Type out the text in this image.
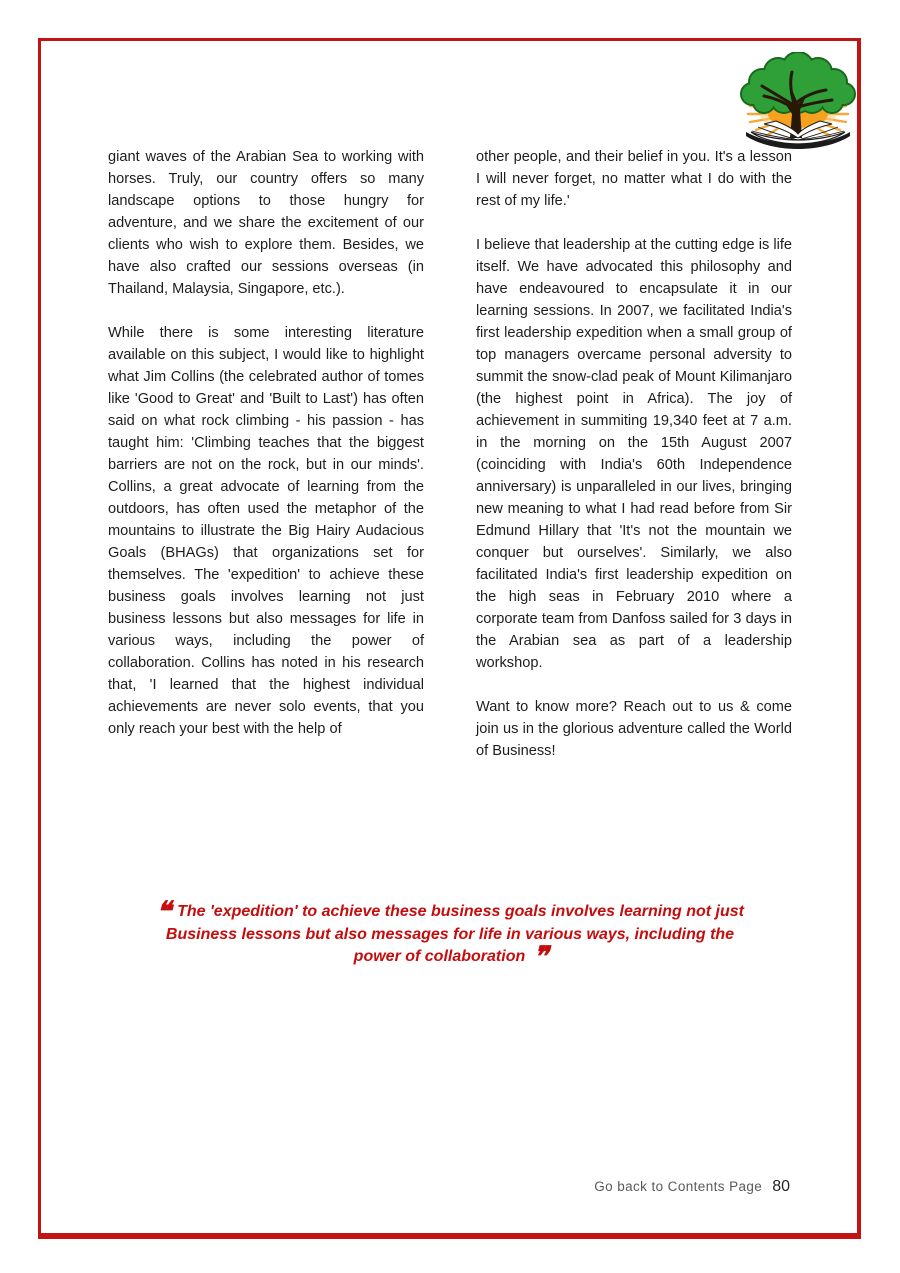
giant waves of the Arabian Sea to working with horses. Truly, our country offers so many landscape options to those hungry for adventure, and we share the excitement of our clients who wish to explore them. Besides, we have also crafted our sessions overseas (in Thailand, Malaysia, Singapore, etc.).

While there is some interesting literature available on this subject, I would like to highlight what Jim Collins (the celebrated author of tomes like 'Good to Great' and 'Built to Last') has often said on what rock climbing - his passion - has taught him: 'Climbing teaches that the biggest barriers are not on the rock, but in our minds'. Collins, a great advocate of learning from the outdoors, has often used the metaphor of the mountains to illustrate the Big Hairy Audacious Goals (BHAGs) that organizations set for themselves. The 'expedition' to achieve these business goals involves learning not just business lessons but also messages for life in various ways, including the power of collaboration. Collins has noted in his research that, 'I learned that the highest individual achievements are never solo events, that you only reach your best with the help of

other people, and their belief in you. It's a lesson I will never forget, no matter what I do with the rest of my life.'

I believe that leadership at the cutting edge is life itself. We have advocated this philosophy and have endeavoured to encapsulate it in our learning sessions. In 2007, we facilitated India's first leadership expedition when a small group of top managers overcame personal adversity to summit the snow-clad peak of Mount Kilimanjaro (the highest point in Africa). The joy of achievement in summiting 19,340 feet at 7 a.m. in the morning on the 15th August 2007 (coinciding with India's 60th Independence anniversary) is unparalleled in our lives, bringing new meaning to what I had read before from Sir Edmund Hillary that 'It's not the mountain we conquer but ourselves'. Similarly, we also facilitated India's first leadership expedition on the high seas in February 2010 where a corporate team from Danfoss sailed for 3 days in the Arabian sea as part of a leadership workshop.

Want to know more? Reach out to us & come join us in the glorious adventure called the World of Business!

❝ The 'expedition' to achieve these business goals involves learning not just
Business lessons but also messages for life in various ways, including the
power of collaboration ❞
Go back to Contents Page 80
